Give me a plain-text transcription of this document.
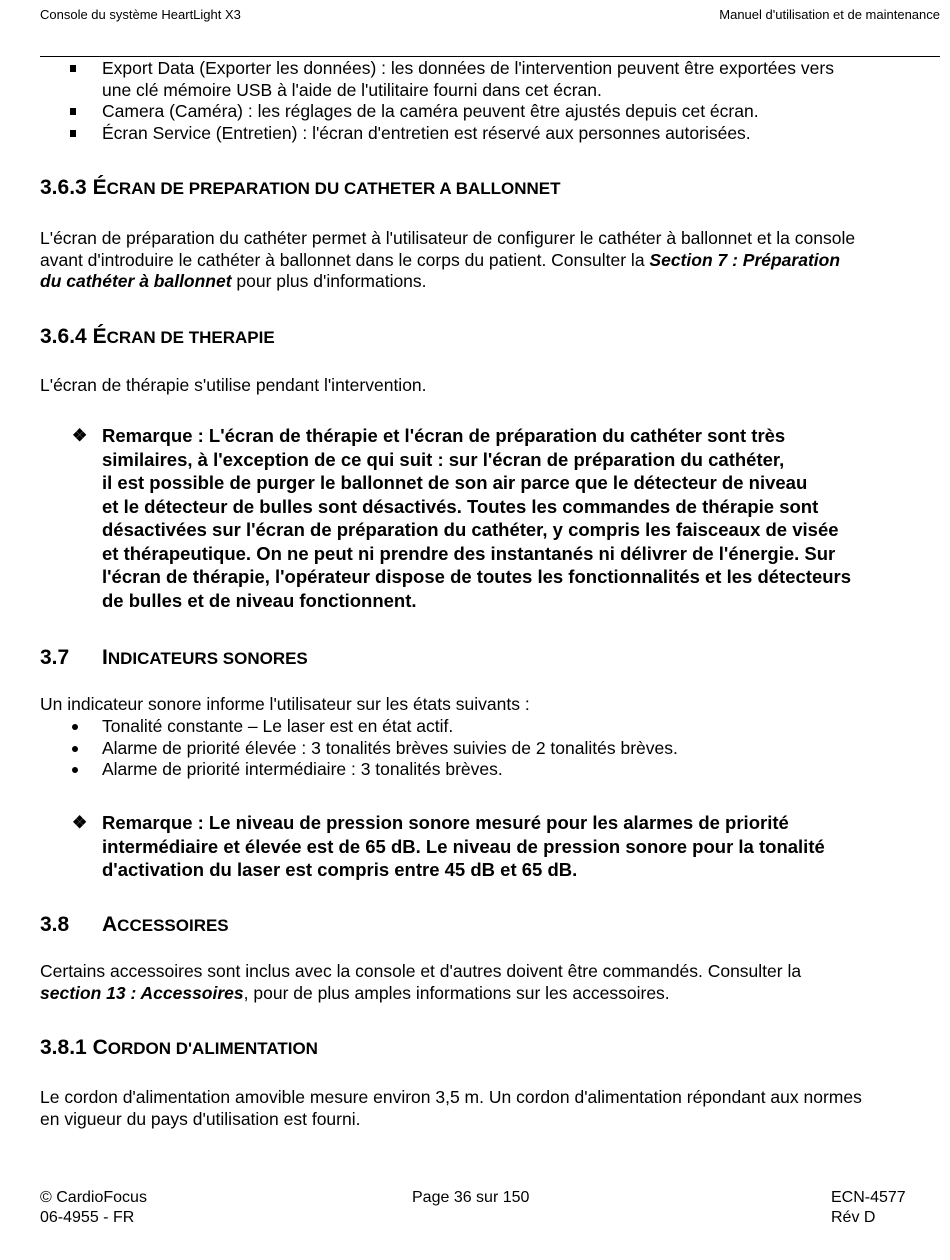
Console du système HeartLight X3	Manuel d'utilisation et de maintenance
Export Data (Exporter les données) : les données de l'intervention peuvent être exportées vers
une clé mémoire USB à l'aide de l'utilitaire fourni dans cet écran.
Camera (Caméra) : les réglages de la caméra peuvent être ajustés depuis cet écran.
Écran Service (Entretien) : l'écran d'entretien est réservé aux personnes autorisées.
3.6.3 ÉCRAN DE PREPARATION DU CATHETER A BALLONNET
L'écran de préparation du cathéter permet à l'utilisateur de configurer le cathéter à ballonnet et la console
avant d'introduire le cathéter à ballonnet dans le corps du patient. Consulter la Section 7 : Préparation
du cathéter à ballonnet pour plus d'informations.
3.6.4 ÉCRAN DE THERAPIE
L'écran de thérapie s'utilise pendant l'intervention.
❖ Remarque : L'écran de thérapie et l'écran de préparation du cathéter sont très
similaires, à l'exception de ce qui suit : sur l'écran de préparation du cathéter,
il est possible de purger le ballonnet de son air parce que le détecteur de niveau
et le détecteur de bulles sont désactivés. Toutes les commandes de thérapie sont
désactivées sur l'écran de préparation du cathéter, y compris les faisceaux de visée
et thérapeutique. On ne peut ni prendre des instantanés ni délivrer de l'énergie. Sur
l'écran de thérapie, l'opérateur dispose de toutes les fonctionnalités et les détecteurs
de bulles et de niveau fonctionnent.
3.7 INDICATEURS SONORES
Un indicateur sonore informe l'utilisateur sur les états suivants :
Tonalité constante – Le laser est en état actif.
Alarme de priorité élevée : 3 tonalités brèves suivies de 2 tonalités brèves.
Alarme de priorité intermédiaire : 3 tonalités brèves.
❖ Remarque : Le niveau de pression sonore mesuré pour les alarmes de priorité
intermédiaire et élevée est de 65 dB. Le niveau de pression sonore pour la tonalité
d'activation du laser est compris entre 45 dB et 65 dB.
3.8 ACCESSOIRES
Certains accessoires sont inclus avec la console et d'autres doivent être commandés. Consulter la
section 13 : Accessoires, pour de plus amples informations sur les accessoires.
3.8.1 CORDON D'ALIMENTATION
Le cordon d'alimentation amovible mesure environ 3,5 m. Un cordon d'alimentation répondant aux normes
en vigueur du pays d'utilisation est fourni.
© CardioFocus
06-4955 - FR
Page 36 sur 150	ECN-4577
Rév D
